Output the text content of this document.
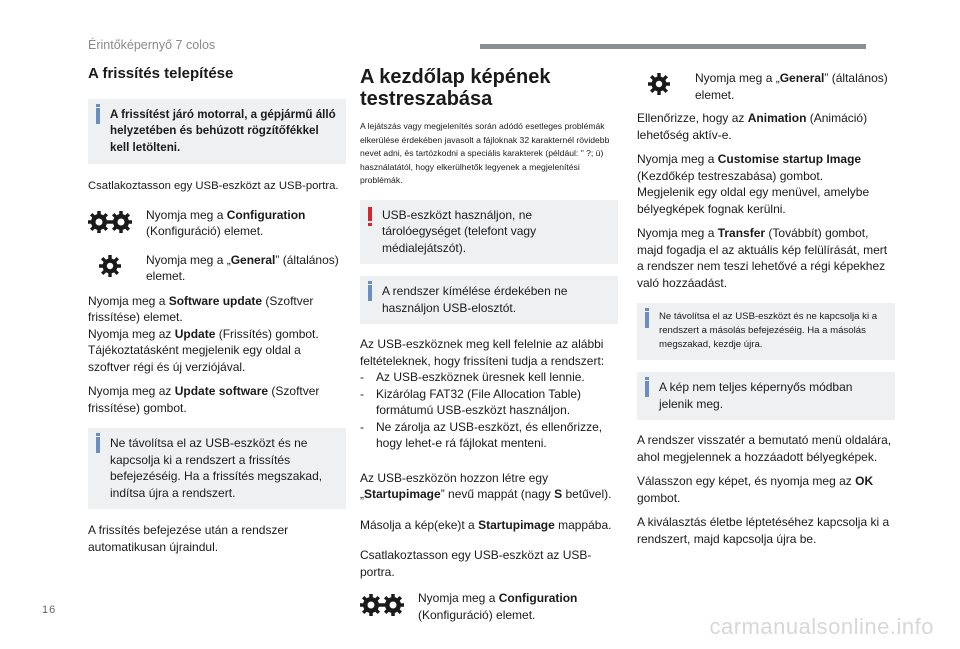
Érintőképernyő 7 colos
A frissítés telepítése

A frissítést járó motorral, a gépjármű álló helyzetében és behúzott rögzítőfékkel kell letölteni.

Csatlakoztasson egy USB-eszközt az USB-portra.

Nyomja meg a Configuration (Konfiguráció) elemet.

Nyomja meg a „General” (általános) elemet.

Nyomja meg a Software update (Szoftver frissítése) elemet.
Nyomja meg az Update (Frissítés) gombot.
Tájékoztatásként megjelenik egy oldal a szoftver régi és új verziójával.

Nyomja meg az Update software (Szoftver frissítése) gombot.

Ne távolítsa el az USB-eszközt és ne kapcsolja ki a rendszert a frissítés befejezéséig. Ha a frissítés megszakad, indítsa újra a rendszert.

A frissítés befejezése után a rendszer automatikusan újraindul.

A kezdőlap képének testreszabása

A lejátszás vagy megjelenítés során adódó esetleges problémák elkerülése érdekében javasolt a fájloknak 32 karakternél rövidebb nevet adni, és tartózkodni a speciális karakterek (például: " ?; ü) használatától, hogy elkerülhetők legyenek a megjelenítési problémák.

USB-eszközt használjon, ne tárolóegységet (telefont vagy médialejátszót).

A rendszer kímélése érdekében ne használjon USB-elosztót.

Az USB-eszköznek meg kell felelnie az alábbi feltételeknek, hogy frissíteni tudja a rendszert:

- Az USB-eszköznek üresnek kell lennie.
- Kizárólag FAT32 (File Allocation Table) formátumú USB-eszközt használjon.
- Ne zárolja az USB-eszközt, és ellenőrizze, hogy lehet-e rá fájlokat menteni.

Az USB-eszközön hozzon létre egy „Startupimage” nevű mappát (nagy S betűvel).

Másolja a kép(eke)t a Startupimage mappába.

Csatlakoztasson egy USB-eszközt az USB-portra.

Nyomja meg a Configuration (Konfiguráció) elemet.

Nyomja meg a „General” (általános) elemet.

Ellenőrizze, hogy az Animation (Animáció) lehetőség aktív-e.

Nyomja meg a Customise startup Image (Kezdőkép testreszabása) gombot.
Megjelenik egy oldal egy menüvel, amelybe bélyegképek fognak kerülni.

Nyomja meg a Transfer (Továbbít) gombot, majd fogadja el az aktuális kép felülírását, mert a rendszer nem teszi lehetővé a régi képekhez való hozzáadást.

Ne távolítsa el az USB-eszközt és ne kapcsolja ki a rendszert a másolás befejezéséig. Ha a másolás megszakad, kezdje újra.

A kép nem teljes képernyős módban jelenik meg.

A rendszer visszatér a bemutató menü oldalára, ahol megjelennek a hozzáadott bélyegképek.

Válasszon egy képet, és nyomja meg az OK gombot.

A kiválasztás életbe léptetéséhez kapcsolja ki a rendszert, majd kapcsolja újra be.

16
carmanualsonline.info
